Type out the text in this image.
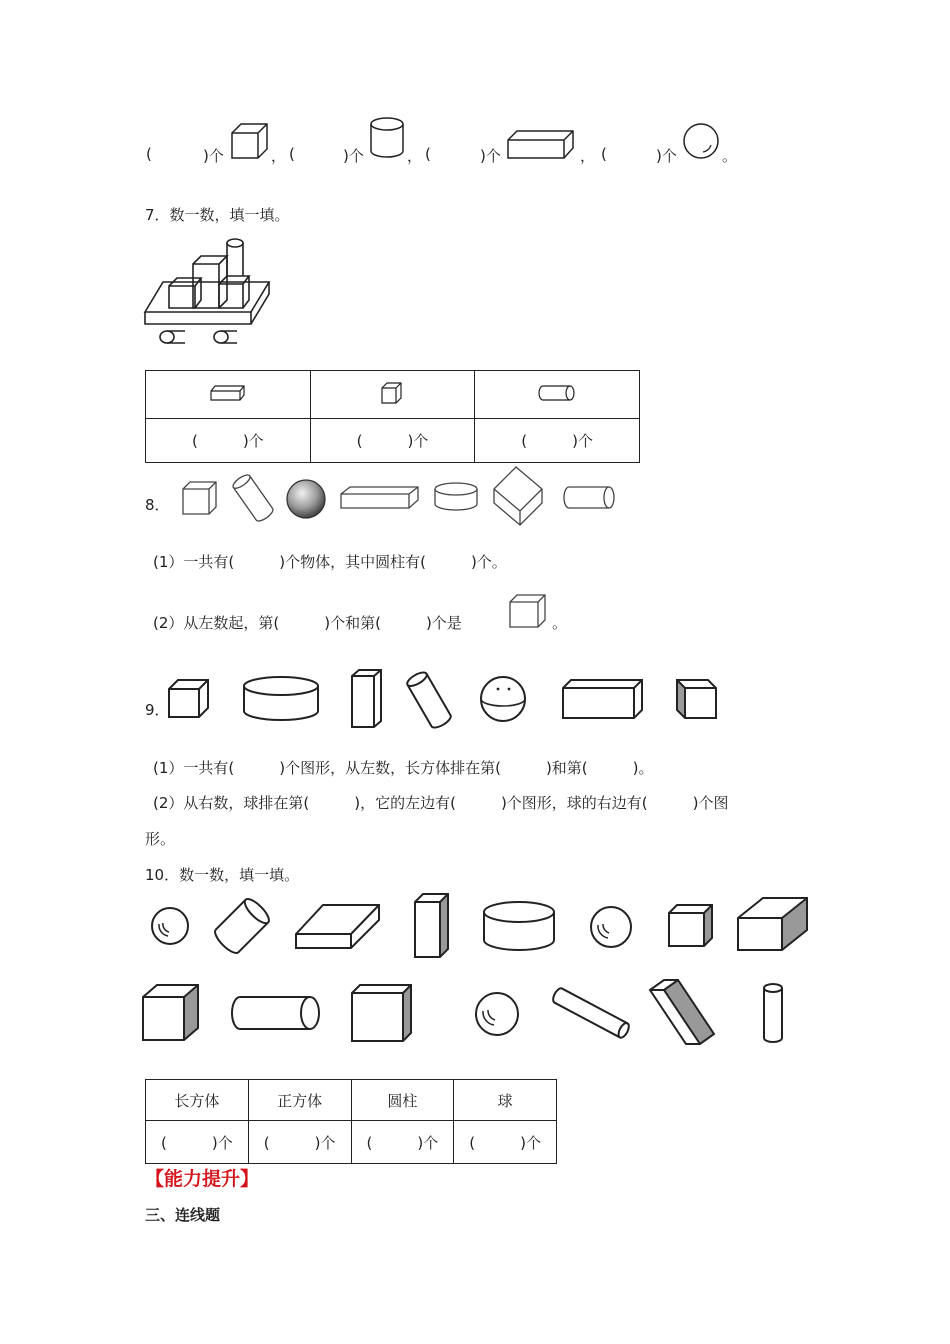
(	)个	， (	)个	， (	)个	， (	)个	。
7．数一数，填一填。

(　　　)个	(　　　)个	(　　　)个
8．
(1）一共有(　　　)个物体，其中圆柱有(　　　)个。
(2）从左数起，第(　　　)个和第(　　　)个是	。
9．
(1）一共有(　　　)个图形，从左数，长方体排在第(　　　)和第(　　　)。
(2）从右数，球排在第(　　　)，它的左边有(　　　)个图形，球的右边有(　　　)个图
形。
10．数一数，填一填。
长方体	正方体	圆柱	球
(　　　)个	(　　　)个	(　　　)个	(　　　)个
【能力提升】
三、连线题
